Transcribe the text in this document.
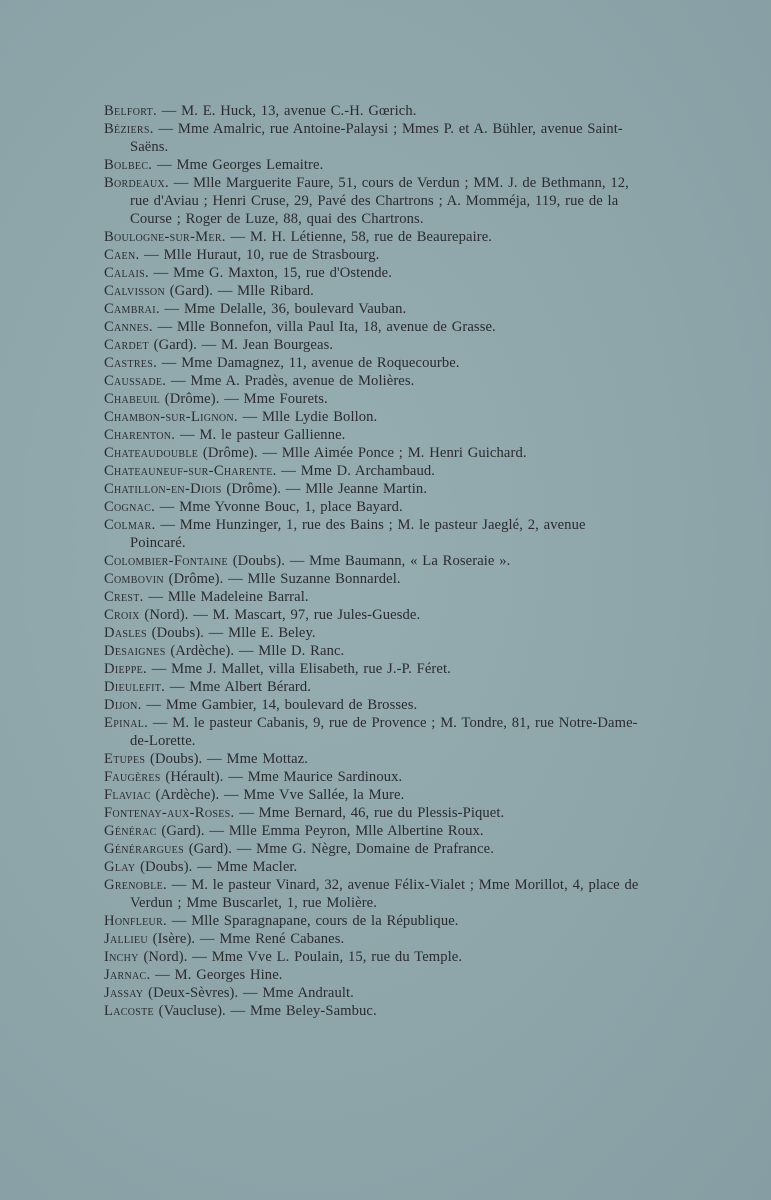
Belfort. — M. E. Huck, 13, avenue C.-H. Gœrich.

Béziers. — Mme Amalric, rue Antoine-Palaysi ; Mmes P. et A. Bühler, avenue Saint-Saëns.

Bolbec. — Mme Georges Lemaitre.

Bordeaux. — Mlle Marguerite Faure, 51, cours de Verdun ; MM. J. de Bethmann, 12, rue d'Aviau ; Henri Cruse, 29, Pavé des Chartrons ; A. Momméja, 119, rue de la Course ; Roger de Luze, 88, quai des Chartrons.

Boulogne-sur-Mer. — M. H. Létienne, 58, rue de Beaurepaire.

Caen. — Mlle Huraut, 10, rue de Strasbourg.

Calais. — Mme G. Maxton, 15, rue d'Ostende.

Calvisson (Gard). — Mlle Ribard.

Cambrai. — Mme Delalle, 36, boulevard Vauban.

Cannes. — Mlle Bonnefon, villa Paul Ita, 18, avenue de Grasse.

Cardet (Gard). — M. Jean Bourgeas.

Castres. — Mme Damagnez, 11, avenue de Roquecourbe.

Caussade. — Mme A. Pradès, avenue de Molières.

Chabeuil (Drôme). — Mme Fourets.

Chambon-sur-Lignon. — Mlle Lydie Bollon.

Charenton. — M. le pasteur Gallienne.

Chateaudouble (Drôme). — Mlle Aimée Ponce ; M. Henri Guichard.

Chateauneuf-sur-Charente. — Mme D. Archambaud.

Chatillon-en-Diois (Drôme). — Mlle Jeanne Martin.

Cognac. — Mme Yvonne Bouc, 1, place Bayard.

Colmar. — Mme Hunzinger, 1, rue des Bains ; M. le pasteur Jaeglé, 2, avenue Poincaré.

Colombier-Fontaine (Doubs). — Mme Baumann, « La Roseraie ».

Combovin (Drôme). — Mlle Suzanne Bonnardel.

Crest. — Mlle Madeleine Barral.

Croix (Nord). — M. Mascart, 97, rue Jules-Guesde.

Dasles (Doubs). — Mlle E. Beley.

Desaignes (Ardèche). — Mlle D. Ranc.

Dieppe. — Mme J. Mallet, villa Elisabeth, rue J.-P. Féret.

Dieulefit. — Mme Albert Bérard.

Dijon. — Mme Gambier, 14, boulevard de Brosses.

Epinal. — M. le pasteur Cabanis, 9, rue de Provence ; M. Tondre, 81, rue Notre-Dame-de-Lorette.

Etupes (Doubs). — Mme Mottaz.

Faugères (Hérault). — Mme Maurice Sardinoux.

Flaviac (Ardèche). — Mme Vve Sallée, la Mure.

Fontenay-aux-Roses. — Mme Bernard, 46, rue du Plessis-Piquet.

Générac (Gard). — Mlle Emma Peyron, Mlle Albertine Roux.

Générargues (Gard). — Mme G. Nègre, Domaine de Prafrance.

Glay (Doubs). — Mme Macler.

Grenoble. — M. le pasteur Vinard, 32, avenue Félix-Vialet ; Mme Morillot, 4, place de Verdun ; Mme Buscarlet, 1, rue Molière.

Honfleur. — Mlle Sparagnapane, cours de la République.

Jallieu (Isère). — Mme René Cabanes.

Inchy (Nord). — Mme Vve L. Poulain, 15, rue du Temple.

Jarnac. — M. Georges Hine.

Jassay (Deux-Sèvres). — Mme Andrault.

Lacoste (Vaucluse). — Mme Beley-Sambuc.
